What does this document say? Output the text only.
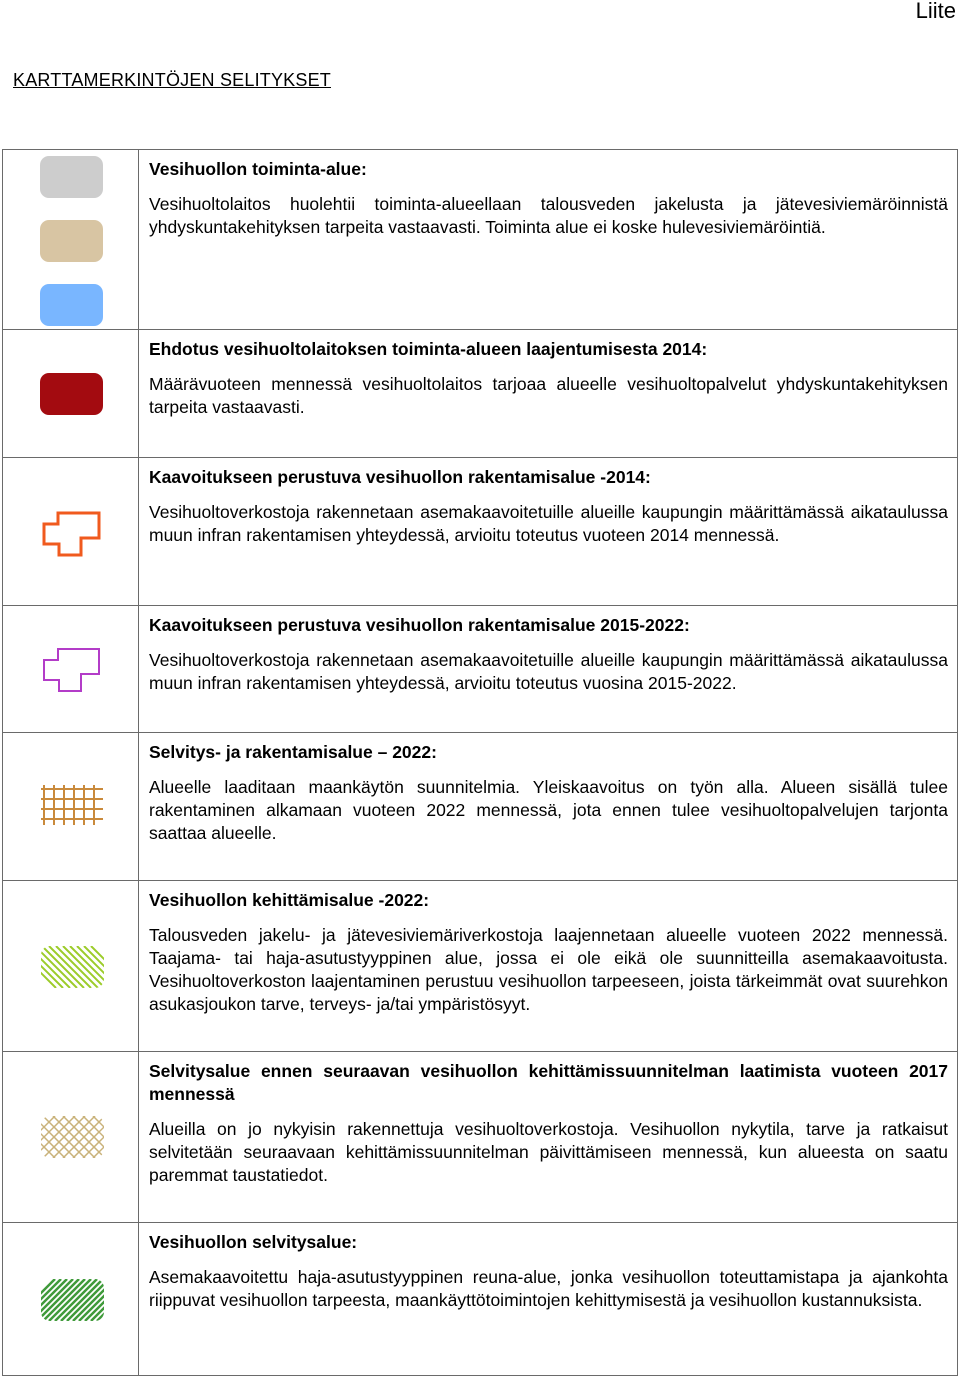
Liite
KARTTAMERKINTÖJEN SELITYKSET

Vesihuollon toiminta-alue:

Vesihuoltolaitos huolehtii toiminta-alueellaan talousveden jakelusta ja jätevesiviemäröinnistä yhdyskuntakehityksen tarpeita vastaavasti. Toiminta alue ei koske hulevesiviemäröintiä.

Ehdotus vesihuoltolaitoksen toiminta-alueen laajentumisesta 2014:

Määrävuoteen mennessä vesihuoltolaitos tarjoaa alueelle vesihuoltopalvelut yhdyskuntakehityksen tarpeita vastaavasti.

Kaavoitukseen perustuva vesihuollon rakentamisalue -2014:

Vesihuoltoverkostoja rakennetaan asemakaavoitetuille alueille kaupungin määrittämässä aikataulussa muun infran rakentamisen yhteydessä, arvioitu toteutus vuoteen 2014 mennessä.

Kaavoitukseen perustuva vesihuollon rakentamisalue 2015-2022:

Vesihuoltoverkostoja rakennetaan asemakaavoitetuille alueille kaupungin määrittämässä aikataulussa muun infran rakentamisen yhteydessä, arvioitu toteutus vuosina 2015-2022.

Selvitys- ja rakentamisalue – 2022:

Alueelle laaditaan maankäytön suunnitelmia. Yleiskaavoitus on työn alla. Alueen sisällä tulee rakentaminen alkamaan vuoteen 2022 mennessä, jota ennen tulee vesihuoltopalvelujen tarjonta saattaa alueelle.

Vesihuollon kehittämisalue -2022:

Talousveden jakelu- ja jätevesiviemäriverkostoja laajennetaan alueelle vuoteen 2022 mennessä. Taajama- tai haja-asutustyyppinen alue, jossa ei ole eikä ole suunnitteilla asemakaavoitusta. Vesihuoltoverkoston laajentaminen perustuu vesihuollon tarpeeseen, joista tärkeimmät ovat suurehkon asukasjoukon tarve, terveys- ja/tai ympäristösyyt.

Selvitysalue ennen seuraavan vesihuollon kehittämissuunnitelman laatimista vuoteen 2017 mennessä

Alueilla on jo nykyisin rakennettuja vesihuoltoverkostoja. Vesihuollon nykytila, tarve ja ratkaisut selvitetään seuraavaan kehittämissuunnitelman päivittämiseen mennessä, kun alueesta on saatu paremmat taustatiedot.

Vesihuollon selvitysalue:

Asemakaavoitettu haja-asutustyyppinen reuna-alue, jonka vesihuollon toteuttamistapa ja ajankohta riippuvat vesihuollon tarpeesta, maankäyttötoimintojen kehittymisestä ja vesihuollon kustannuksista.
